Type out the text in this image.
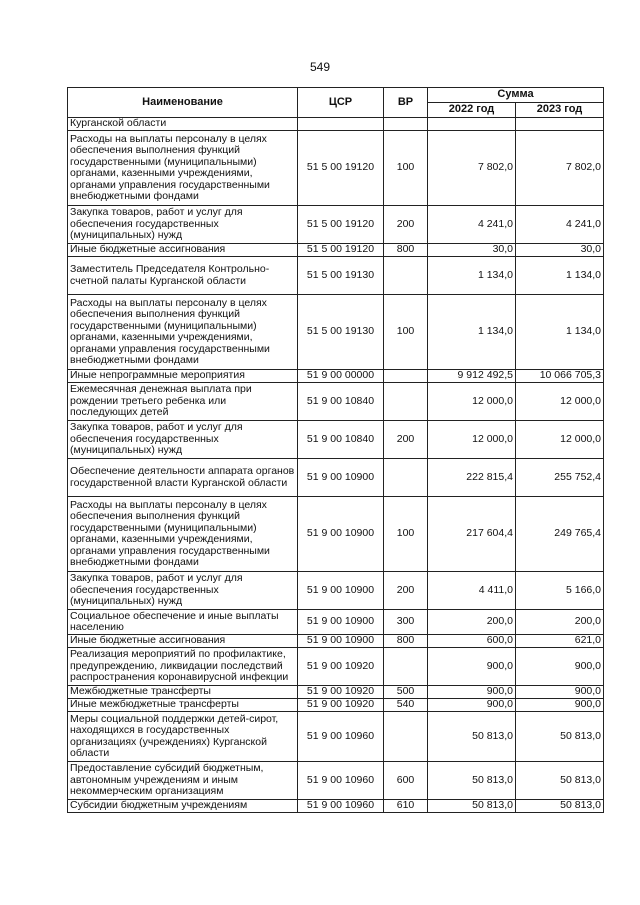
549
Наименование	ЦСР	ВР	Сумма	
			2022 год	2023 год
Курганской области				
Расходы на выплаты персоналу в целях обеспечения выполнения функций государственными (муниципальными) органами, казенными учреждениями, органами управления государственными внебюджетными фондами	51 5 00 19120	100	7 802,0	7 802,0
Закупка товаров, работ и услуг для обеспечения государственных (муниципальных) нужд	51 5 00 19120	200	4 241,0	4 241,0
Иные бюджетные ассигнования	51 5 00 19120	800	30,0	30,0
Заместитель Председателя Контрольно-счетной палаты Курганской области	51 5 00 19130		1 134,0	1 134,0
Расходы на выплаты персоналу в целях обеспечения выполнения функций государственными (муниципальными) органами, казенными учреждениями, органами управления государственными внебюджетными фондами	51 5 00 19130	100	1 134,0	1 134,0
Иные непрограммные мероприятия	51 9 00 00000		9 912 492,5	10 066 705,3
Ежемесячная денежная выплата при рождении третьего ребенка или последующих детей	51 9 00 10840		12 000,0	12 000,0
Закупка товаров, работ и услуг для обеспечения государственных (муниципальных) нужд	51 9 00 10840	200	12 000,0	12 000,0
Обеспечение деятельности аппарата органов государственной власти Курганской области	51 9 00 10900		222 815,4	255 752,4
Расходы на выплаты персоналу в целях обеспечения выполнения функций государственными (муниципальными) органами, казенными учреждениями, органами управления государственными внебюджетными фондами	51 9 00 10900	100	217 604,4	249 765,4
Закупка товаров, работ и услуг для обеспечения государственных (муниципальных) нужд	51 9 00 10900	200	4 411,0	5 166,0
Социальное обеспечение и иные выплаты населению	51 9 00 10900	300	200,0	200,0
Иные бюджетные ассигнования	51 9 00 10900	800	600,0	621,0
Реализация мероприятий по профилактике, предупреждению, ликвидации последствий распространения коронавирусной инфекции	51 9 00 10920		900,0	900,0
Межбюджетные трансферты	51 9 00 10920	500	900,0	900,0
Иные межбюджетные трансферты	51 9 00 10920	540	900,0	900,0
Меры социальной поддержки детей-сирот, находящихся в государственных организациях (учреждениях) Курганской области	51 9 00 10960		50 813,0	50 813,0
Предоставление субсидий бюджетным, автономным учреждениям и иным некоммерческим организациям	51 9 00 10960	600	50 813,0	50 813,0
Субсидии бюджетным учреждениям	51 9 00 10960	610	50 813,0	50 813,0
